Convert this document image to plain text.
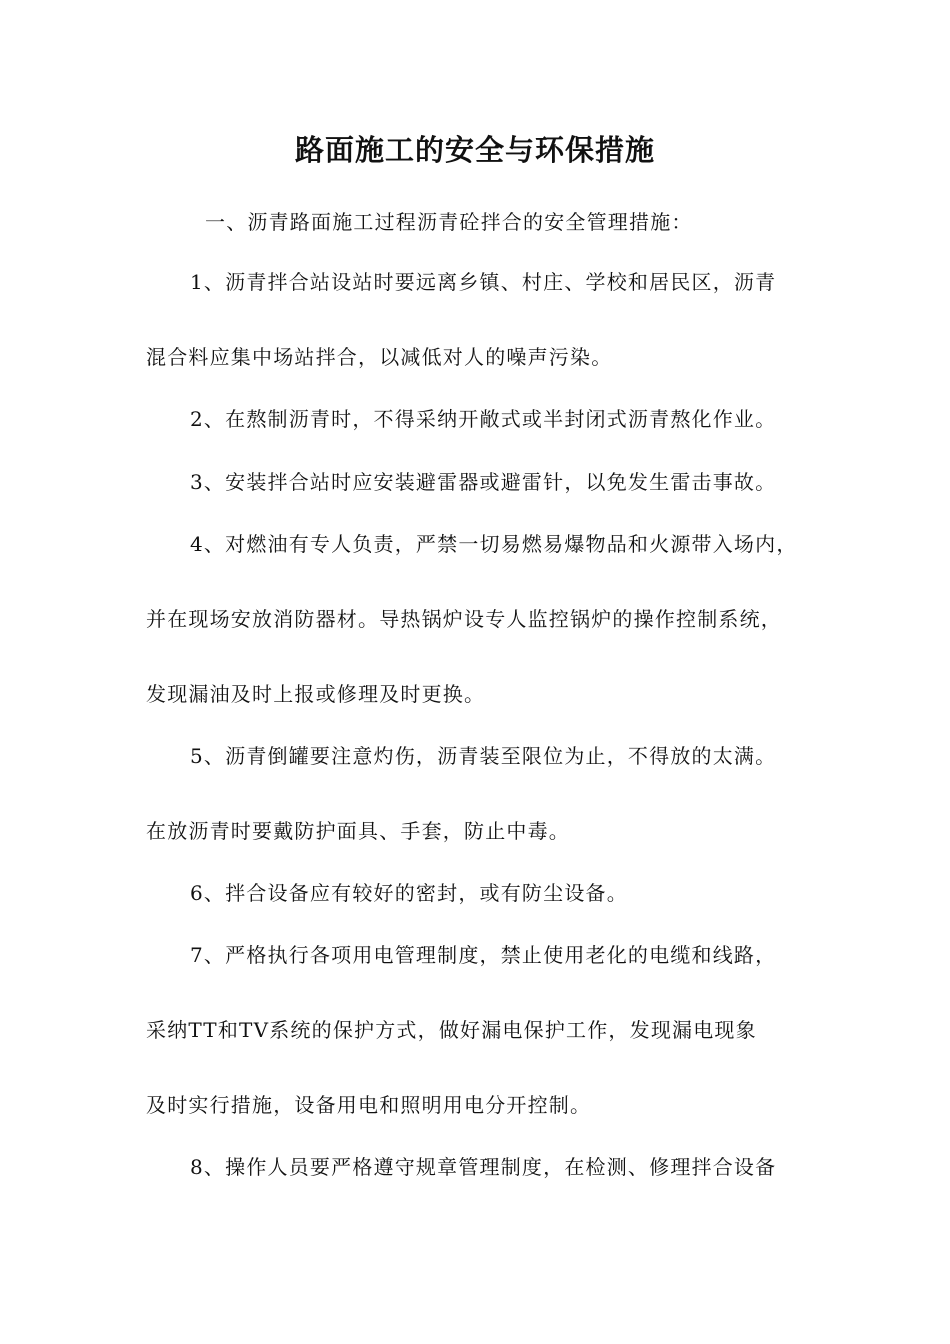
路面施工的安全与环保措施

一、沥青路面施工过程沥青砼拌合的安全管理措施：

1、沥青拌合站设站时要远离乡镇、村庄、学校和居民区，沥青

混合料应集中场站拌合，以减低对人的噪声污染。

2、在熬制沥青时，不得采纳开敞式或半封闭式沥青熬化作业。

3、安装拌合站时应安装避雷器或避雷针，以免发生雷击事故。

4、对燃油有专人负责，严禁一切易燃易爆物品和火源带入场内，

并在现场安放消防器材。导热锅炉设专人监控锅炉的操作控制系统，

发现漏油及时上报或修理及时更换。

5、沥青倒罐要注意灼伤，沥青装至限位为止，不得放的太满。

在放沥青时要戴防护面具、手套，防止中毒。

6、拌合设备应有较好的密封，或有防尘设备。

7、严格执行各项用电管理制度，禁止使用老化的电缆和线路，

采纳TT和TV系统的保护方式，做好漏电保护工作，发现漏电现象

及时实行措施，设备用电和照明用电分开控制。

8、操作人员要严格遵守规章管理制度，在检测、修理拌合设备
